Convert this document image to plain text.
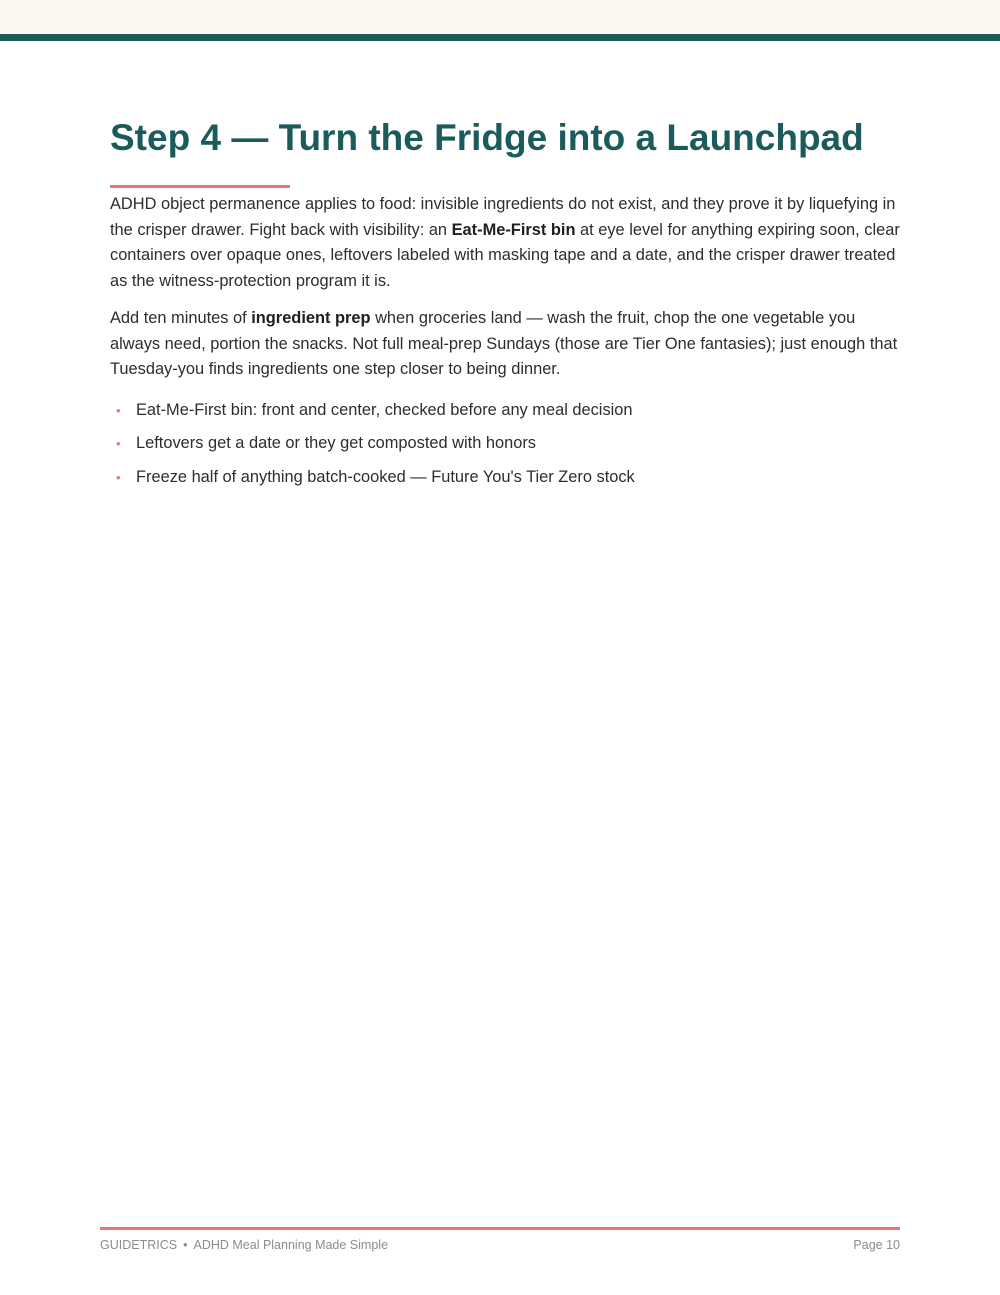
Step 4 — Turn the Fridge into a Launchpad

ADHD object permanence applies to food: invisible ingredients do not exist, and they prove it by liquefying in the crisper drawer. Fight back with visibility: an Eat-Me-First bin at eye level for anything expiring soon, clear containers over opaque ones, leftovers labeled with masking tape and a date, and the crisper drawer treated as the witness-protection program it is.

Add ten minutes of ingredient prep when groceries land — wash the fruit, chop the one vegetable you always need, portion the snacks. Not full meal-prep Sundays (those are Tier One fantasies); just enough that Tuesday-you finds ingredients one step closer to being dinner.

• Eat-Me-First bin: front and center, checked before any meal decision
• Leftovers get a date or they get composted with honors
• Freeze half of anything batch-cooked — Future You's Tier Zero stock
GUIDETRICS • ADHD Meal Planning Made Simple	Page 10
